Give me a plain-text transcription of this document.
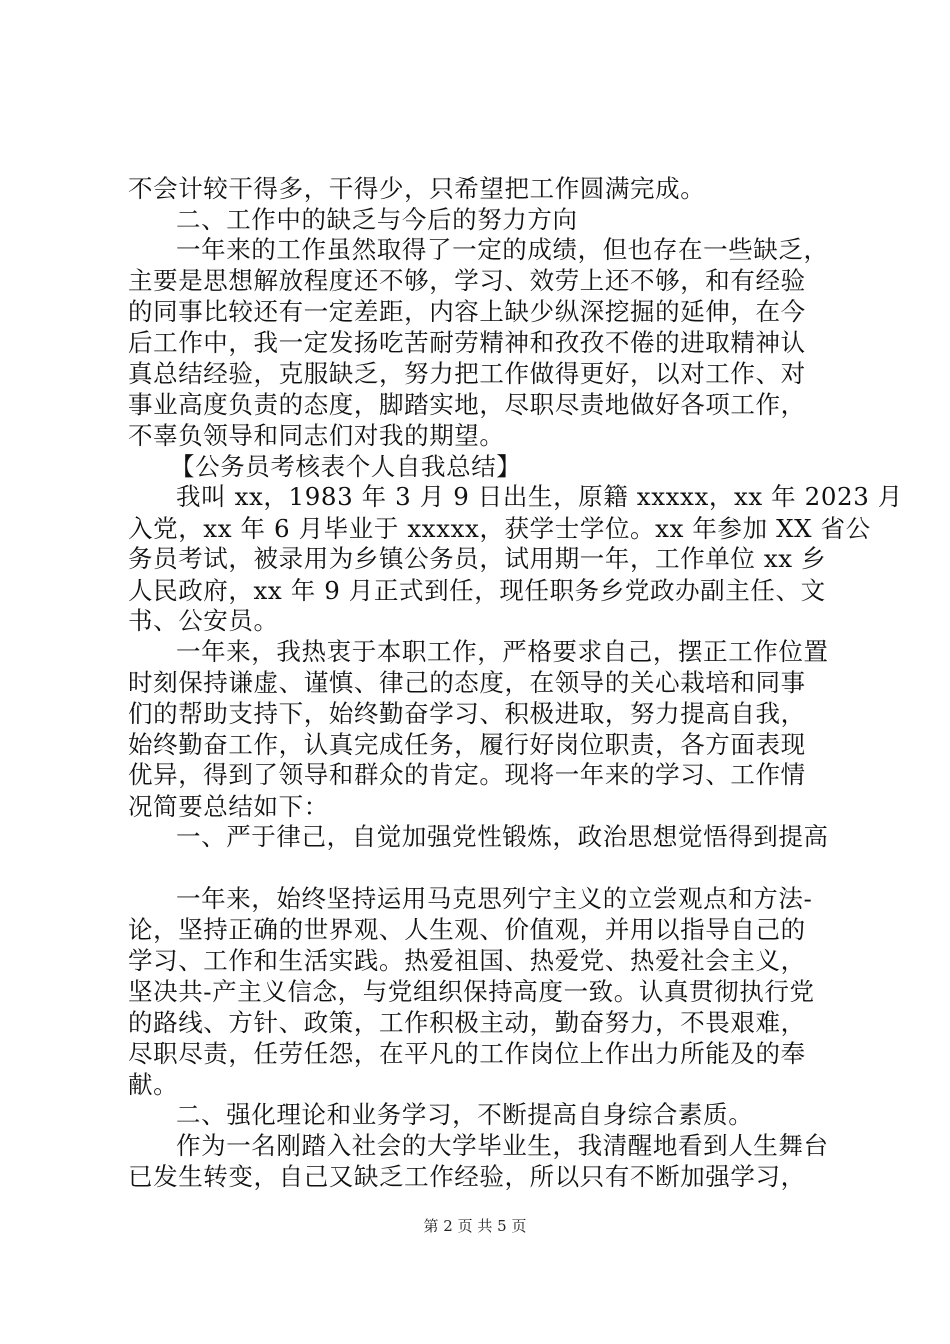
不会计较干得多，干得少，只希望把工作圆满完成。
二、工作中的缺乏与今后的努力方向
一年来的工作虽然取得了一定的成绩，但也存在一些缺乏，
主要是思想解放程度还不够，学习、效劳上还不够，和有经验
的同事比较还有一定差距，内容上缺少纵深挖掘的延伸，在今
后工作中，我一定发扬吃苦耐劳精神和孜孜不倦的进取精神认
真总结经验，克服缺乏，努力把工作做得更好，以对工作、对
事业高度负责的态度，脚踏实地，尽职尽责地做好各项工作，
不辜负领导和同志们对我的期望。
【公务员考核表个人自我总结】
我叫 xx，1983 年 3 月 9 日出生，原籍 xxxxx，xx 年 2023 月
入党，xx 年 6 月毕业于 xxxxx，获学士学位。xx 年参加 XX 省公
务员考试，被录用为乡镇公务员，试用期一年，工作单位 xx 乡
人民政府，xx 年 9 月正式到任，现任职务乡党政办副主任、文
书、公安员。
一年来，我热衷于本职工作，严格要求自己，摆正工作位置
时刻保持谦虚、谨慎、律己的态度，在领导的关心栽培和同事
们的帮助支持下，始终勤奋学习、积极进取，努力提高自我，
始终勤奋工作，认真完成任务，履行好岗位职责，各方面表现
优异，得到了领导和群众的肯定。现将一年来的学习、工作情
况简要总结如下：
一、严于律己，自觉加强党性锻炼，政治思想觉悟得到提高
一年来，始终坚持运用马克思列宁主义的立尝观点和方法-
论，坚持正确的世界观、人生观、价值观，并用以指导自己的
学习、工作和生活实践。热爱祖国、热爱党、热爱社会主义，
坚决共-产主义信念，与党组织保持高度一致。认真贯彻执行党
的路线、方针、政策，工作积极主动，勤奋努力，不畏艰难，
尽职尽责，任劳任怨，在平凡的工作岗位上作出力所能及的奉
献。
二、强化理论和业务学习，不断提高自身综合素质。
作为一名刚踏入社会的大学毕业生，我清醒地看到人生舞台
已发生转变，自己又缺乏工作经验，所以只有不断加强学习，
第 2 页 共 5 页
